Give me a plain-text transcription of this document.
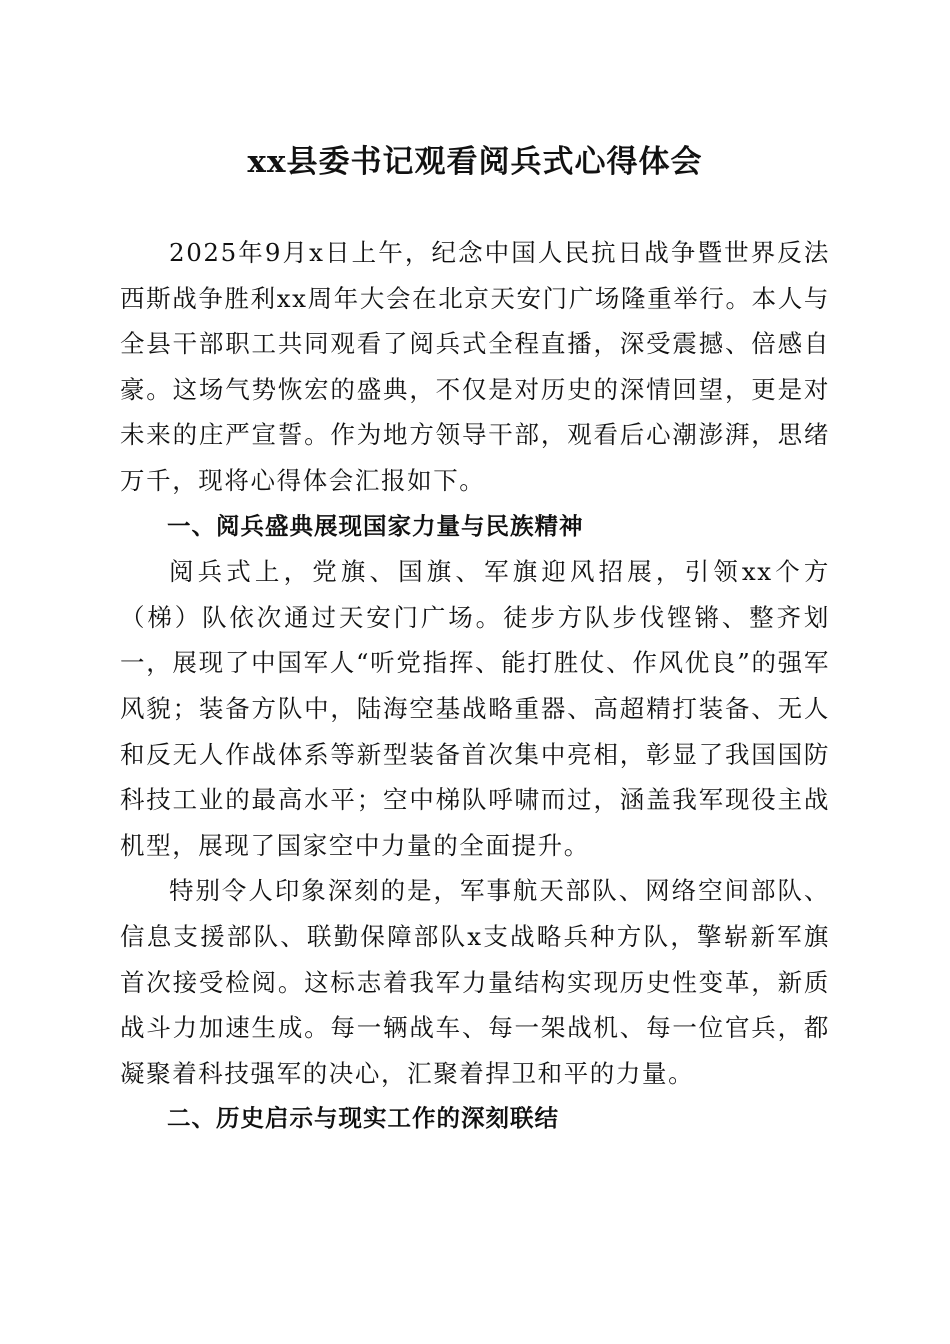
xx县委书记观看阅兵式心得体会

2025年9月x日上午，纪念中国人民抗日战争暨世界反法西斯战争胜利xx周年大会在北京天安门广场隆重举行。本人与全县干部职工共同观看了阅兵式全程直播，深受震撼、倍感自豪。这场气势恢宏的盛典，不仅是对历史的深情回望，更是对未来的庄严宣誓。作为地方领导干部，观看后心潮澎湃，思绪万千，现将心得体会汇报如下。

一、阅兵盛典展现国家力量与民族精神

阅兵式上，党旗、国旗、军旗迎风招展，引领xx个方（梯）队依次通过天安门广场。徒步方队步伐铿锵、整齐划一，展现了中国军人“听党指挥、能打胜仗、作风优良”的强军风貌；装备方队中，陆海空基战略重器、高超精打装备、无人和反无人作战体系等新型装备首次集中亮相，彰显了我国国防科技工业的最高水平；空中梯队呼啸而过，涵盖我军现役主战机型，展现了国家空中力量的全面提升。

特别令人印象深刻的是，军事航天部队、网络空间部队、信息支援部队、联勤保障部队x支战略兵种方队，擎崭新军旗首次接受检阅。这标志着我军力量结构实现历史性变革，新质战斗力加速生成。每一辆战车、每一架战机、每一位官兵，都凝聚着科技强军的决心，汇聚着捍卫和平的力量。

二、历史启示与现实工作的深刻联结
